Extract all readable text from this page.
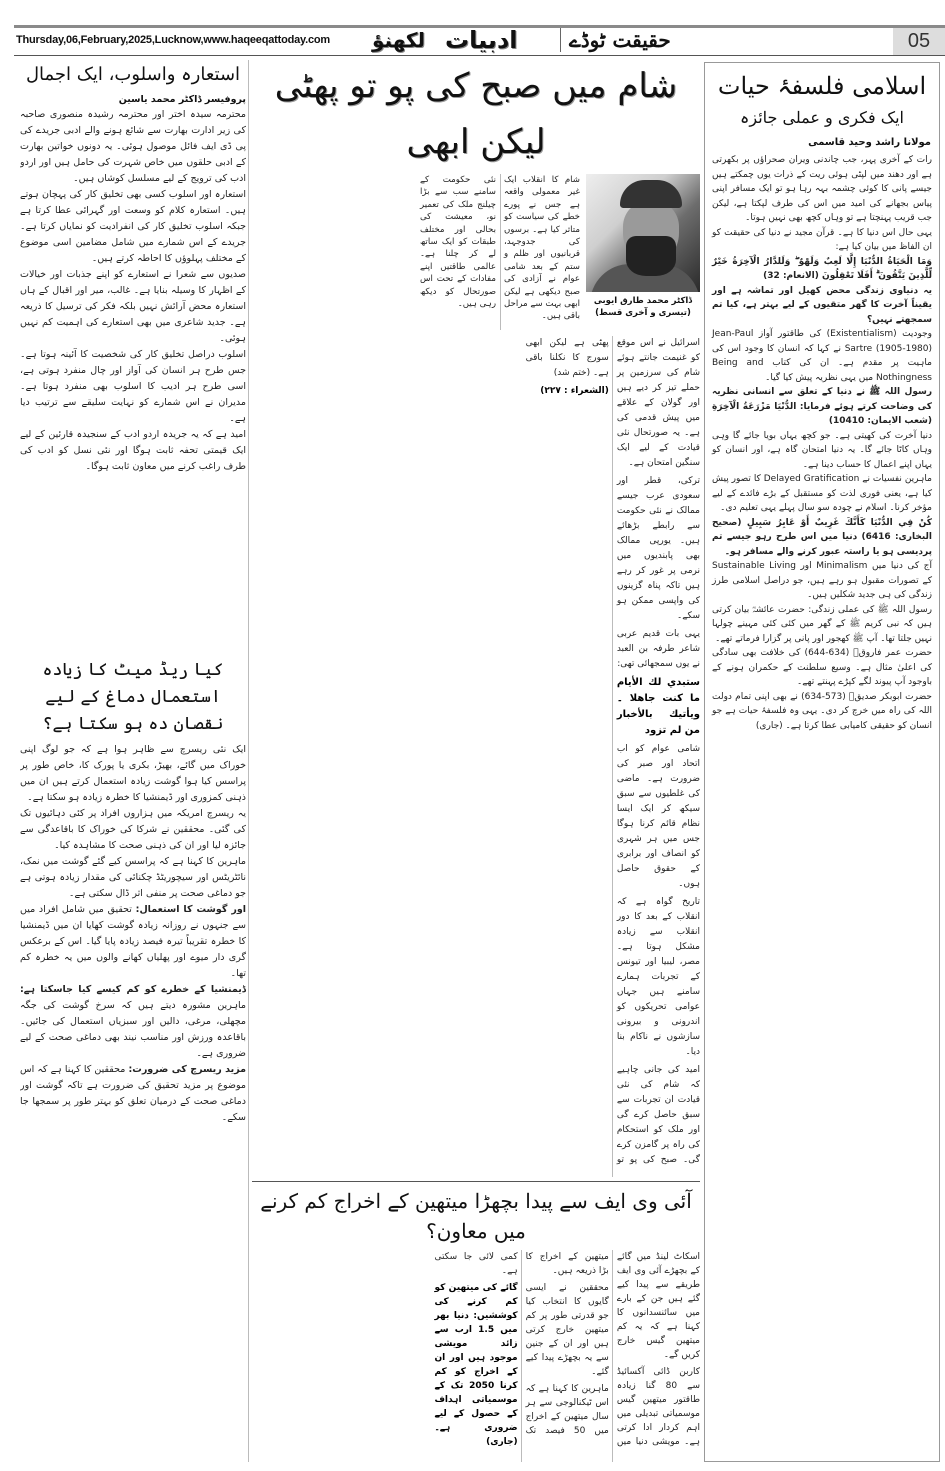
Thursday,06,February,2025,Lucknow,www.haqeeqattoday.com لکھنؤ ادبیات	حقیقت ٹوڈے	05
اسلامی فلسفۂ حیات
ایک فکری و عملی جائزہ
مولانا راشد وحید قاسمی

رات کے آخری پہر، جب چاندنی ویران صحراؤں پر بکھرتی ہے اور دھند میں لپٹی ہوئی ریت کے ذرات یوں چمکتے ہیں جیسے پانی کا کوئی چشمہ بہہ رہا ہو تو ایک مسافر اپنی پیاس بجھانے کی امید میں اس کی طرف لپکتا ہے، لیکن جب قریب پہنچتا ہے تو وہاں کچھ بھی نہیں ہوتا۔

یہی حال اس دنیا کا ہے۔ قرآن مجید نے دنیا کی حقیقت کو ان الفاظ میں بیان کیا ہے:

وَمَا الْحَيَاةُ الدُّنْيَا إِلَّا لَعِبٌ وَلَهْوٌ ۖ وَلَلدَّارُ الْآخِرَةُ خَيْرٌ لِّلَّذِينَ يَتَّقُونَ ۗ أَفَلَا تَعْقِلُونَ (الانعام: 32)

یہ دنیاوی زندگی محض کھیل اور تماشہ ہے اور یقیناً آخرت کا گھر متقیوں کے لیے بہتر ہے، کیا تم سمجھتے نہیں؟

وجودیت (Existentialism) کی طاقتور آواز Jean-Paul Sartre (1905-1980) نے کہا کہ انسان کا وجود اس کی ماہیت پر مقدم ہے۔ ان کی کتاب Being and Nothingness میں یہی نظریہ پیش کیا گیا۔

رسول اللہ ﷺ نے دنیا کے تعلق سے انسانی نظریہ کی وضاحت کرتے ہوئے فرمایا: الدُّنْيَا مَزْرَعَةُ الْآخِرَةِ (شعب الایمان: 10410)

دنیا آخرت کی کھیتی ہے۔ جو کچھ یہاں بویا جائے گا وہی وہاں کاٹا جائے گا۔ یہ دنیا امتحان گاہ ہے، اور انسان کو یہاں اپنے اعمال کا حساب دینا ہے۔

ماہرین نفسیات نے Delayed Gratification کا تصور پیش کیا ہے، یعنی فوری لذت کو مستقبل کے بڑے فائدے کے لیے مؤخر کرنا۔ اسلام نے چودہ سو سال پہلے یہی تعلیم دی۔

كُنْ فِي الدُّنْيَا كَأَنَّكَ غَرِيبٌ أَوْ عَابِرُ سَبِيلٍ (صحیح البخاری: 6416) دنیا میں اس طرح رہو جیسے تم پردیسی ہو یا راستہ عبور کرنے والے مسافر ہو۔

آج کی دنیا میں Minimalism اور Sustainable Living کے تصورات مقبول ہو رہے ہیں، جو دراصل اسلامی طرز زندگی کی ہی جدید شکلیں ہیں۔

رسول اللہ ﷺ کی عملی زندگی: حضرت عائشہؓ بیان کرتی ہیں کہ نبی کریم ﷺ کے گھر میں کئی کئی مہینے چولہا نہیں جلتا تھا۔ آپ ﷺ کھجور اور پانی پر گزارا فرماتے تھے۔

حضرت عمر فاروقؓ (634-644) کی خلافت بھی سادگی کی اعلیٰ مثال ہے۔ وسیع سلطنت کے حکمران ہونے کے باوجود آپ پیوند لگے کپڑے پہنتے تھے۔

حضرت ابوبکر صدیقؓ (573-634) نے بھی اپنی تمام دولت اللہ کی راہ میں خرچ کر دی۔ یہی وہ فلسفۂ حیات ہے جو انسان کو حقیقی کامیابی عطا کرتا ہے۔ (جاری)

شام میں صبح کی پو تو پھٹی لیکن ابھی

شام کا انقلاب ایک غیر معمولی واقعہ ہے جس نے پورے خطے کی سیاست کو متاثر کیا ہے۔ برسوں کی جدوجہد، قربانیوں اور ظلم و ستم کے بعد شامی عوام نے آزادی کی صبح دیکھی ہے لیکن ابھی بہت سے مراحل باقی ہیں۔

نئی حکومت کے سامنے سب سے بڑا چیلنج ملک کی تعمیر نو، معیشت کی بحالی اور مختلف طبقات کو ایک ساتھ لے کر چلنا ہے۔ عالمی طاقتیں اپنے مفادات کے تحت اس صورتحال کو دیکھ رہی ہیں۔	ڈاکٹر محمد طارق ایوبی
(تیسری و آخری قسط)

اسرائیل نے اس موقع کو غنیمت جانتے ہوئے شام کی سرزمین پر حملے تیز کر دیے ہیں اور گولان کے علاقے میں پیش قدمی کی ہے۔ یہ صورتحال نئی قیادت کے لیے ایک سنگین امتحان ہے۔

ترکی، قطر اور سعودی عرب جیسے ممالک نے نئی حکومت سے رابطے بڑھائے ہیں۔ یورپی ممالک بھی پابندیوں میں نرمی پر غور کر رہے ہیں تاکہ پناہ گزینوں کی واپسی ممکن ہو سکے۔

یہی بات قدیم عربی شاعر طرفہ بن العبد نے یوں سمجھائی تھی:

ستبدي لك الأيام ما كنت جاهلا ۔ ويأتيك بالأخبار من لم تزود

شامی عوام کو اب اتحاد اور صبر کی ضرورت ہے۔ ماضی کی غلطیوں سے سبق سیکھ کر ایک ایسا نظام قائم کرنا ہوگا جس میں ہر شہری کو انصاف اور برابری کے حقوق حاصل ہوں۔

تاریخ گواہ ہے کہ انقلاب کے بعد کا دور انقلاب سے زیادہ مشکل ہوتا ہے۔ مصر، لیبیا اور تیونس کے تجربات ہمارے سامنے ہیں جہاں عوامی تحریکوں کو اندرونی و بیرونی سازشوں نے ناکام بنا دیا۔

امید کی جانی چاہیے کہ شام کی نئی قیادت ان تجربات سے سبق حاصل کرے گی اور ملک کو استحکام کی راہ پر گامزن کرے گی۔ صبح کی پو تو پھٹی ہے لیکن ابھی سورج کا نکلنا باقی ہے۔ (ختم شد)

(الشعراء : ۲۲۷)

آئی وی ایف سے پیدا بچھڑا میتھین کے اخراج کم کرنے میں معاون؟

اسکاٹ لینڈ میں گائے کے بچھڑے آئی وی ایف طریقے سے پیدا کیے گئے ہیں جن کے بارے میں سائنسدانوں کا کہنا ہے کہ یہ کم میتھین گیس خارج کریں گے۔

کاربن ڈائی آکسائیڈ سے 80 گنا زیادہ طاقتور میتھین گیس موسمیاتی تبدیلی میں اہم کردار ادا کرتی ہے۔ مویشی دنیا میں میتھین کے اخراج کا بڑا ذریعہ ہیں۔

محققین نے ایسی گایوں کا انتخاب کیا جو قدرتی طور پر کم میتھین خارج کرتی ہیں اور ان کے جنین سے یہ بچھڑے پیدا کیے گئے۔

ماہرین کا کہنا ہے کہ اس ٹیکنالوجی سے ہر سال میتھین کے اخراج میں 50 فیصد تک کمی لائی جا سکتی ہے۔

گائے کی میتھین کو کم کرنے کی کوششیں: دنیا بھر میں 1.5 ارب سے زائد مویشی موجود ہیں اور ان کے اخراج کو کم کرنا 2050 تک کے موسمیاتی اہداف کے حصول کے لیے ضروری ہے۔ (جاری)

استعارہ واسلوب، ایک اجمال
پروفیسر ڈاکٹر محمد یاسین

محترمہ سیدہ اختر اور محترمہ رشیدہ منصوری صاحبہ کی زیر ادارت بھارت سے شائع ہونے والے ادبی جریدے کی پی ڈی ایف فائل موصول ہوئی۔ یہ دونوں خواتین بھارت کے ادبی حلقوں میں خاص شہرت کی حامل ہیں اور اردو ادب کی ترویج کے لیے مسلسل کوشاں ہیں۔

استعارہ اور اسلوب کسی بھی تخلیق کار کی پہچان ہوتے ہیں۔ استعارہ کلام کو وسعت اور گہرائی عطا کرتا ہے جبکہ اسلوب تخلیق کار کی انفرادیت کو نمایاں کرتا ہے۔ جریدے کے اس شمارے میں شامل مضامین اسی موضوع کے مختلف پہلوؤں کا احاطہ کرتے ہیں۔

صدیوں سے شعرا نے استعارے کو اپنے جذبات اور خیالات کے اظہار کا وسیلہ بنایا ہے۔ غالب، میر اور اقبال کے ہاں استعارہ محض آرائش نہیں بلکہ فکر کی ترسیل کا ذریعہ ہے۔ جدید شاعری میں بھی استعارے کی اہمیت کم نہیں ہوئی۔

اسلوب دراصل تخلیق کار کی شخصیت کا آئینہ ہوتا ہے۔ جس طرح ہر انسان کی آواز اور چال منفرد ہوتی ہے، اسی طرح ہر ادیب کا اسلوب بھی منفرد ہوتا ہے۔ مدیران نے اس شمارے کو نہایت سلیقے سے ترتیب دیا ہے۔

امید ہے کہ یہ جریدہ اردو ادب کے سنجیدہ قارئین کے لیے ایک قیمتی تحفہ ثابت ہوگا اور نئی نسل کو ادب کی طرف راغب کرنے میں معاون ثابت ہوگا۔

کیا ریڈ میٹ کا زیادہ استعمال دماغ کے لیے نقصان دہ ہو سکتا ہے؟

ایک نئی ریسرچ سے ظاہر ہوا ہے کہ جو لوگ اپنی خوراک میں گائے، بھیڑ، بکری یا پورک کا، خاص طور پر پراسس کیا ہوا گوشت زیادہ استعمال کرتے ہیں ان میں ذہنی کمزوری اور ڈیمنشیا کا خطرہ زیادہ ہو سکتا ہے۔

یہ ریسرچ امریکہ میں ہزاروں افراد پر کئی دہائیوں تک کی گئی۔ محققین نے شرکا کی خوراک کا باقاعدگی سے جائزہ لیا اور ان کی ذہنی صحت کا مشاہدہ کیا۔

ماہرین کا کہنا ہے کہ پراسس کیے گئے گوشت میں نمک، نائٹریٹس اور سیچوریٹڈ چکنائی کی مقدار زیادہ ہوتی ہے جو دماغی صحت پر منفی اثر ڈال سکتی ہے۔

اور گوشت کا استعمال: تحقیق میں شامل افراد میں سے جنہوں نے روزانہ زیادہ گوشت کھایا ان میں ڈیمنشیا کا خطرہ تقریباً تیرہ فیصد زیادہ پایا گیا۔ اس کے برعکس گری دار میوے اور پھلیاں کھانے والوں میں یہ خطرہ کم تھا۔

ڈیمنشیا کے خطرے کو کم کیسے کیا جاسکتا ہے: ماہرین مشورہ دیتے ہیں کہ سرخ گوشت کی جگہ مچھلی، مرغی، دالیں اور سبزیاں استعمال کی جائیں۔ باقاعدہ ورزش اور مناسب نیند بھی دماغی صحت کے لیے ضروری ہے۔

مزید ریسرچ کی ضرورت: محققین کا کہنا ہے کہ اس موضوع پر مزید تحقیق کی ضرورت ہے تاکہ گوشت اور دماغی صحت کے درمیان تعلق کو بہتر طور پر سمجھا جا سکے۔
